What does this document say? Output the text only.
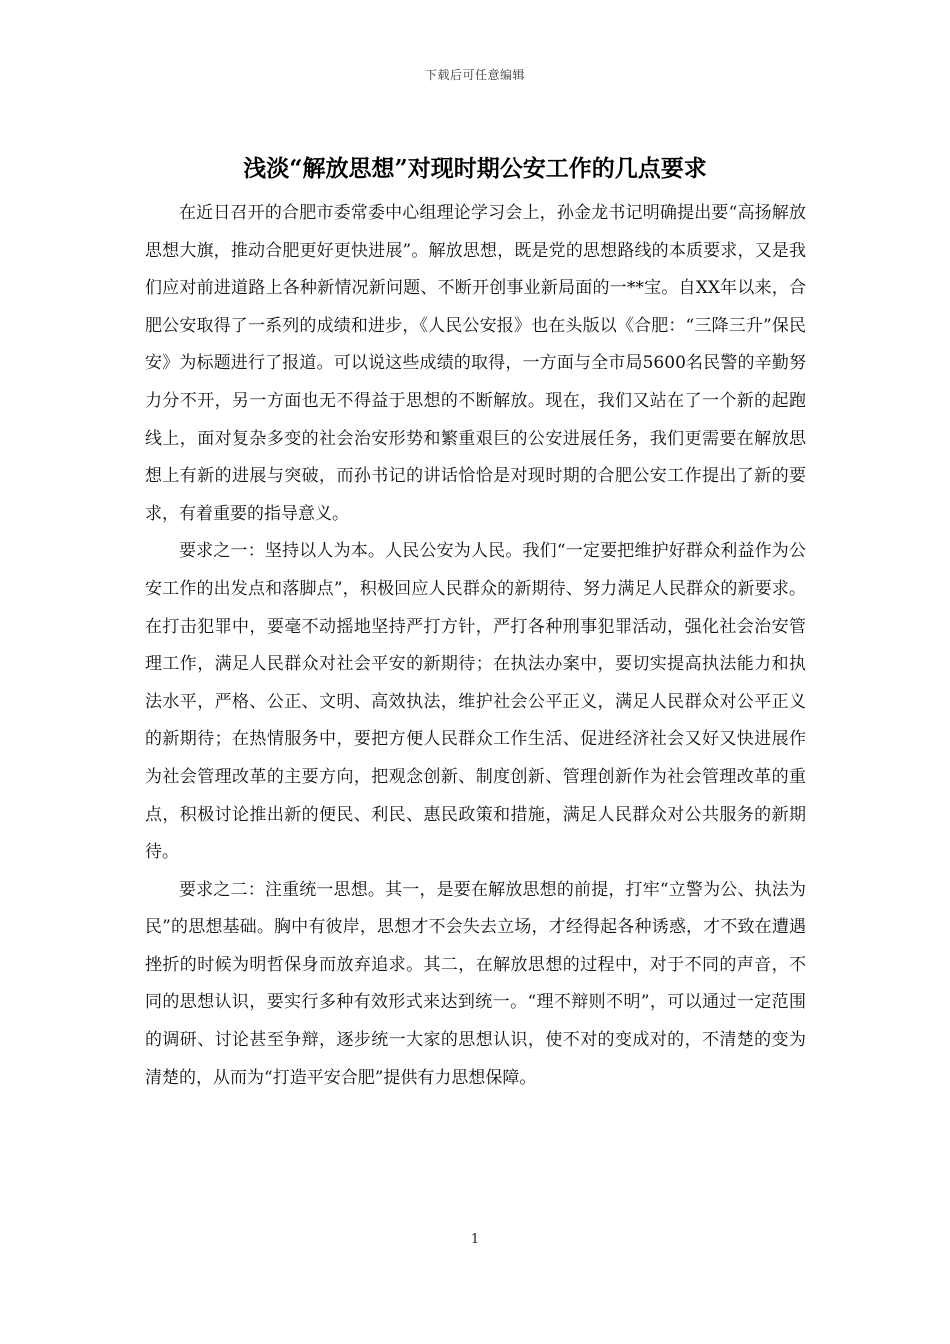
下载后可任意编辑
浅淡“解放思想”对现时期公安工作的几点要求

在近日召开的合肥市委常委中心组理论学习会上，孙金龙书记明确提出要“高扬解放思想大旗，推动合肥更好更快进展”。解放思想，既是党的思想路线的本质要求，又是我们应对前进道路上各种新情况新问题、不断开创事业新局面的一**宝。自XX年以来，合肥公安取得了一系列的成绩和进步，《人民公安报》也在头版以《合肥：“三降三升”保民安》为标题进行了报道。可以说这些成绩的取得，一方面与全市局5600名民警的辛勤努力分不开，另一方面也无不得益于思想的不断解放。现在，我们又站在了一个新的起跑线上，面对复杂多变的社会治安形势和繁重艰巨的公安进展任务，我们更需要在解放思想上有新的进展与突破，而孙书记的讲话恰恰是对现时期的合肥公安工作提出了新的要求，有着重要的指导意义。

要求之一：坚持以人为本。人民公安为人民。我们“一定要把维护好群众利益作为公安工作的出发点和落脚点”，积极回应人民群众的新期待、努力满足人民群众的新要求。在打击犯罪中，要毫不动摇地坚持严打方针，严打各种刑事犯罪活动，强化社会治安管理工作，满足人民群众对社会平安的新期待；在执法办案中，要切实提高执法能力和执法水平，严格、公正、文明、高效执法，维护社会公平正义，满足人民群众对公平正义的新期待；在热情服务中，要把方便人民群众工作生活、促进经济社会又好又快进展作为社会管理改革的主要方向，把观念创新、制度创新、管理创新作为社会管理改革的重点，积极讨论推出新的便民、利民、惠民政策和措施，满足人民群众对公共服务的新期待。

要求之二：注重统一思想。其一，是要在解放思想的前提，打牢“立警为公、执法为民”的思想基础。胸中有彼岸，思想才不会失去立场，才经得起各种诱惑，才不致在遭遇挫折的时候为明哲保身而放弃追求。其二，在解放思想的过程中，对于不同的声音，不同的思想认识，要实行多种有效形式来达到统一。“理不辩则不明”，可以通过一定范围的调研、讨论甚至争辩，逐步统一大家的思想认识，使不对的变成对的，不清楚的变为清楚的，从而为“打造平安合肥”提供有力思想保障。

1
